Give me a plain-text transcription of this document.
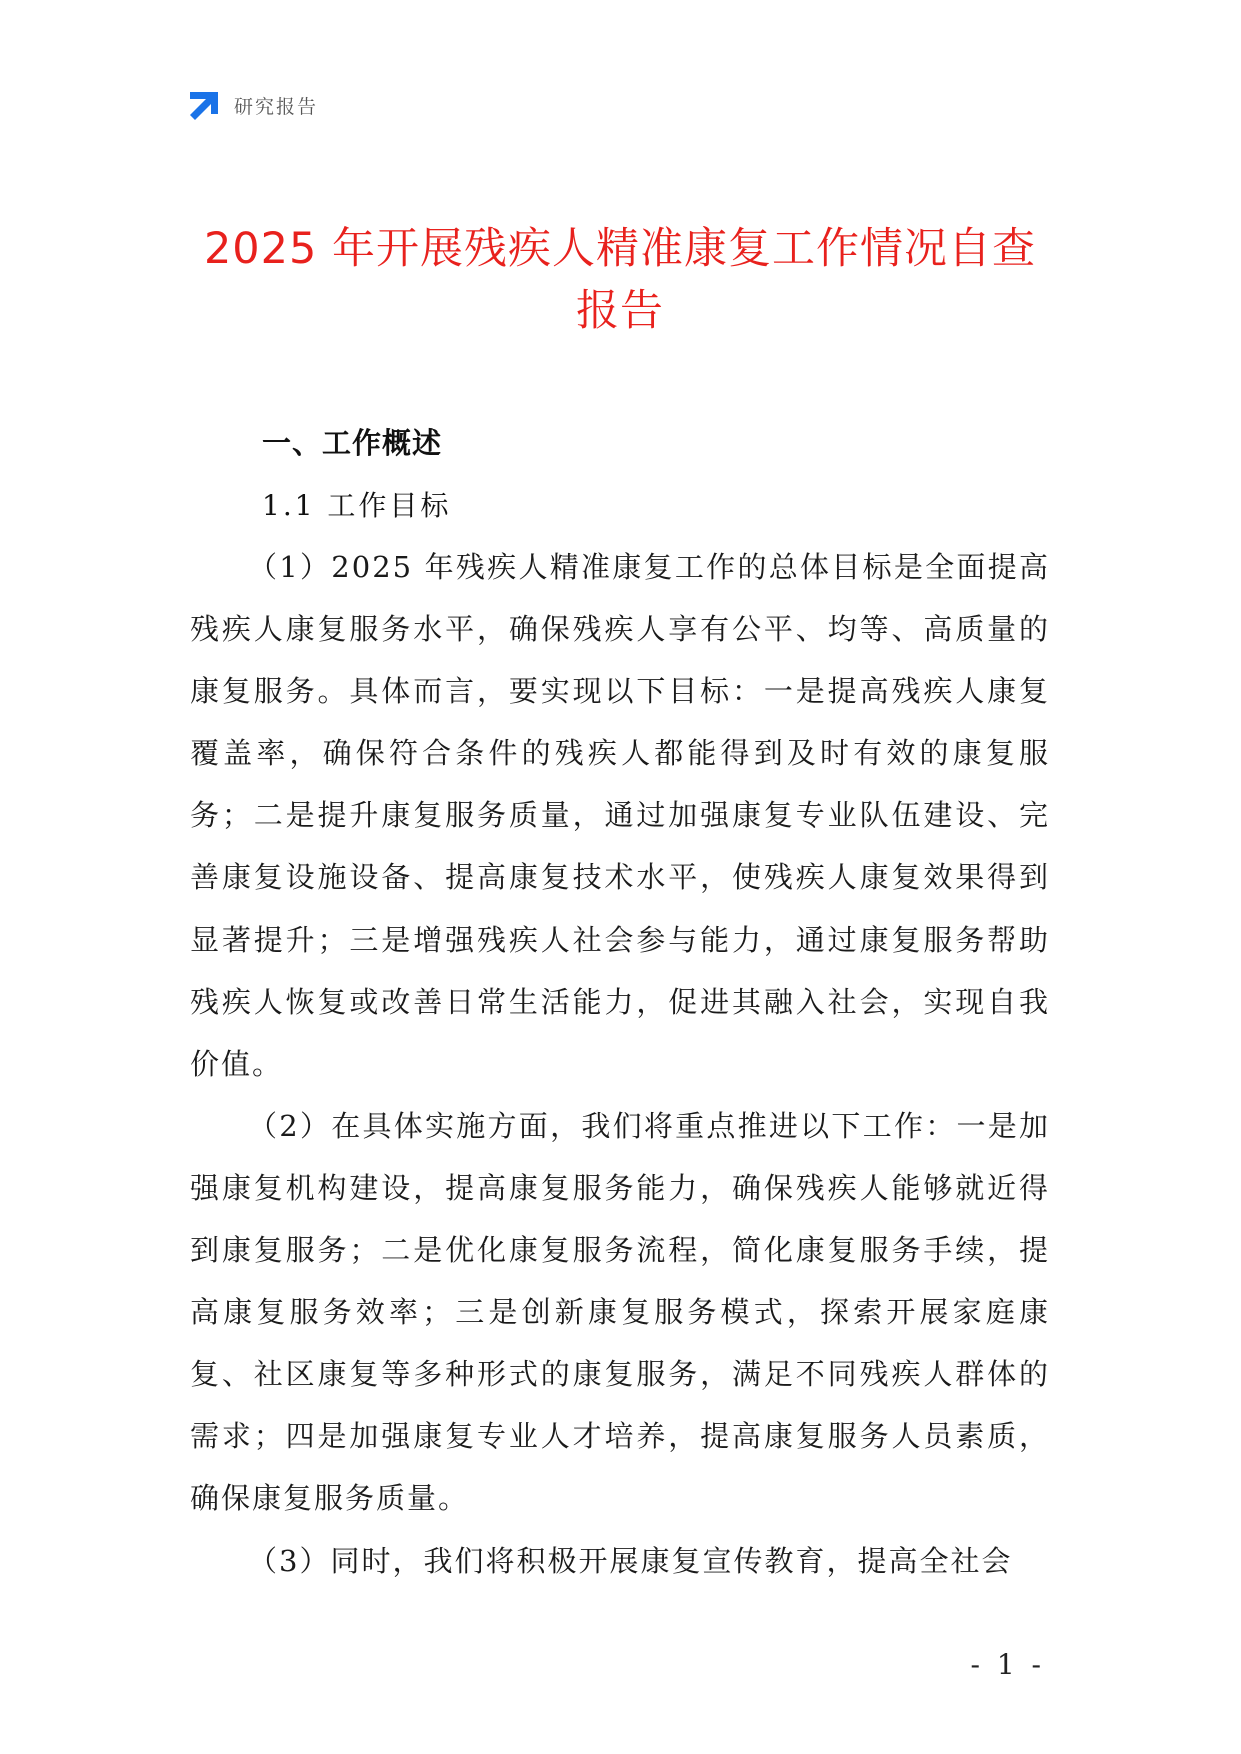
研究报告
2025 年开展残疾人精准康复工作情况自查报告
一、工作概述
1.1 工作目标

（1）2025 年残疾人精准康复工作的总体目标是全面提高残疾人康复服务水平，确保残疾人享有公平、均等、高质量的康复服务。具体而言，要实现以下目标：一是提高残疾人康复覆盖率，确保符合条件的残疾人都能得到及时有效的康复服务；二是提升康复服务质量，通过加强康复专业队伍建设、完善康复设施设备、提高康复技术水平，使残疾人康复效果得到显著提升；三是增强残疾人社会参与能力，通过康复服务帮助残疾人恢复或改善日常生活能力，促进其融入社会，实现自我价值。

（2）在具体实施方面，我们将重点推进以下工作：一是加强康复机构建设，提高康复服务能力，确保残疾人能够就近得到康复服务；二是优化康复服务流程，简化康复服务手续，提高康复服务效率；三是创新康复服务模式，探索开展家庭康复、社区康复等多种形式的康复服务，满足不同残疾人群体的需求；四是加强康复专业人才培养，提高康复服务人员素质，确保康复服务质量。

（3）同时，我们将积极开展康复宣传教育，提高全社会

- 1 -
